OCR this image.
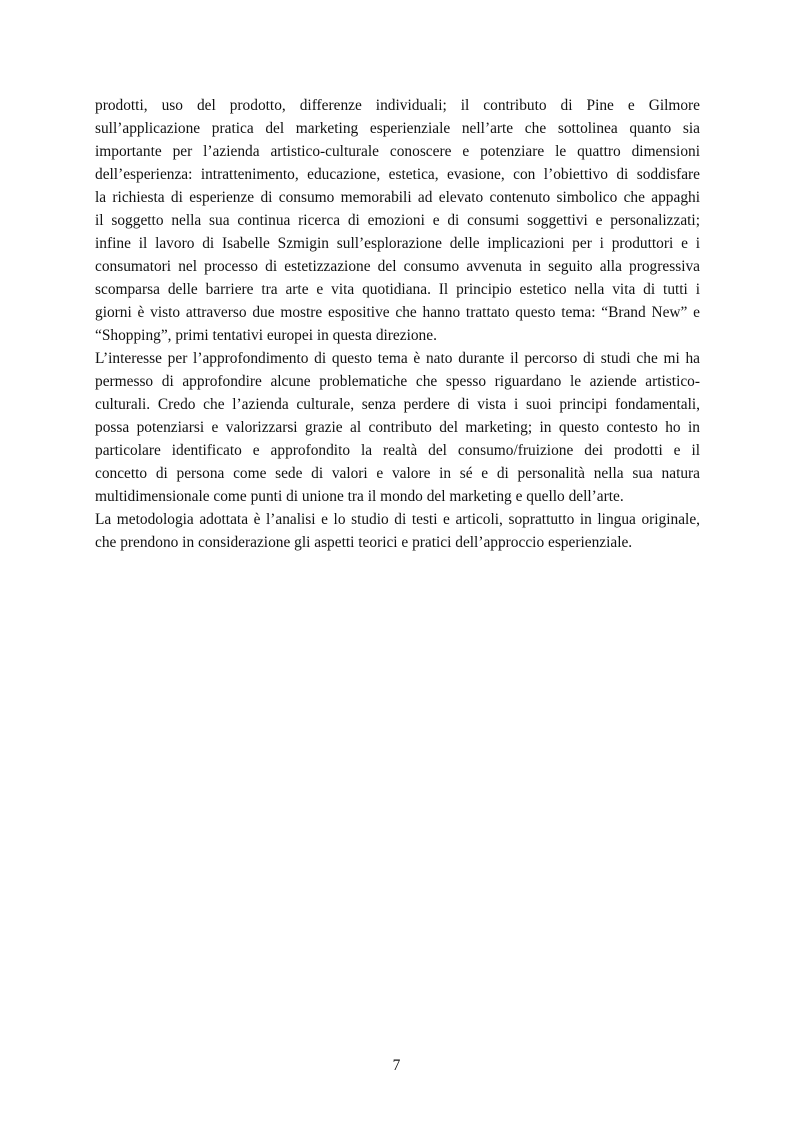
prodotti, uso del prodotto, differenze individuali; il contributo di Pine e Gilmore
sull’applicazione pratica del marketing esperienziale nell’arte che sottolinea quanto sia
importante per l’azienda artistico-culturale conoscere e potenziare le quattro dimensioni
dell’esperienza: intrattenimento, educazione, estetica, evasione, con l’obiettivo di soddisfare
la richiesta di esperienze di consumo memorabili ad elevato contenuto simbolico che appaghi
il soggetto nella sua continua ricerca di emozioni e di consumi soggettivi e personalizzati;
infine il lavoro di Isabelle Szmigin sull’esplorazione delle implicazioni per i produttori e i
consumatori nel processo di estetizzazione del consumo avvenuta in seguito alla progressiva
scomparsa delle barriere tra arte e vita quotidiana. Il principio estetico nella vita di tutti i
giorni è visto attraverso due mostre espositive che hanno trattato questo tema: “Brand New” e
“Shopping”, primi tentativi europei in questa direzione.
L’interesse per l’approfondimento di questo tema è nato durante il percorso di studi che mi ha
permesso di approfondire alcune problematiche che spesso riguardano le aziende artistico-
culturali. Credo che l’azienda culturale, senza perdere di vista i suoi principi fondamentali,
possa potenziarsi e valorizzarsi grazie al contributo del marketing; in questo contesto ho in
particolare identificato e approfondito la realtà del consumo/fruizione dei prodotti e il
concetto di persona come sede di valori e valore in sé e di personalità nella sua natura
multidimensionale come punti di unione tra il mondo del marketing e quello dell’arte.
La metodologia adottata è l’analisi e lo studio di testi e articoli, soprattutto in lingua originale,
che prendono in considerazione gli aspetti teorici e pratici dell’approccio esperienziale.
7
